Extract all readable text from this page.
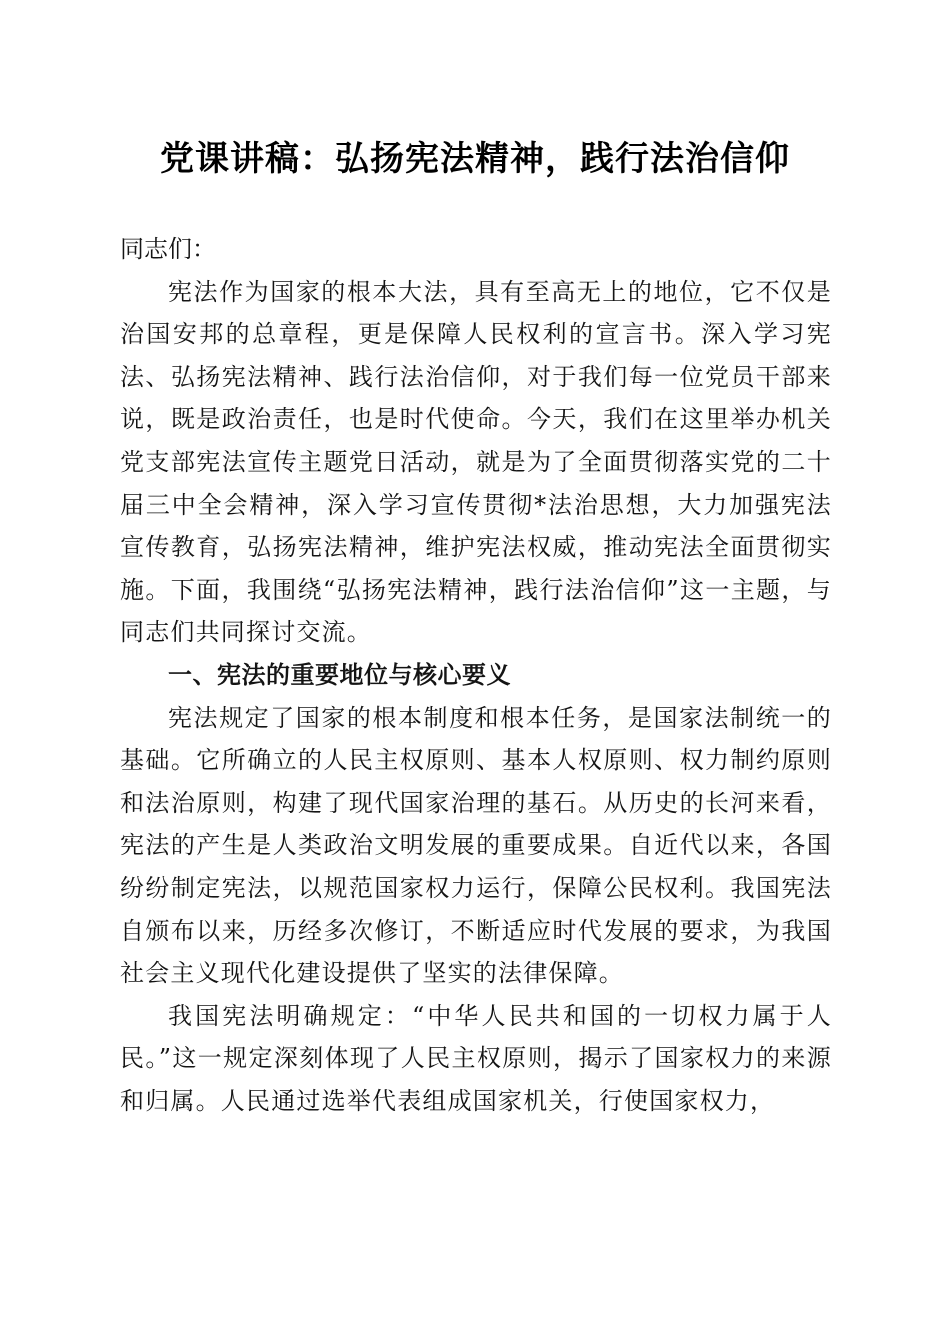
党课讲稿：弘扬宪法精神，践行法治信仰

同志们：

宪法作为国家的根本大法，具有至高无上的地位，它不仅是治国安邦的总章程，更是保障人民权利的宣言书。深入学习宪法、弘扬宪法精神、践行法治信仰，对于我们每一位党员干部来说，既是政治责任，也是时代使命。今天，我们在这里举办机关党支部宪法宣传主题党日活动，就是为了全面贯彻落实党的二十届三中全会精神，深入学习宣传贯彻*法治思想，大力加强宪法宣传教育，弘扬宪法精神，维护宪法权威，推动宪法全面贯彻实施。下面，我围绕“弘扬宪法精神，践行法治信仰”这一主题，与同志们共同探讨交流。

一、宪法的重要地位与核心要义

宪法规定了国家的根本制度和根本任务，是国家法制统一的基础。它所确立的人民主权原则、基本人权原则、权力制约原则和法治原则，构建了现代国家治理的基石。从历史的长河来看，宪法的产生是人类政治文明发展的重要成果。自近代以来，各国纷纷制定宪法，以规范国家权力运行，保障公民权利。我国宪法自颁布以来，历经多次修订，不断适应时代发展的要求，为我国社会主义现代化建设提供了坚实的法律保障。

我国宪法明确规定：“中华人民共和国的一切权力属于人民。”这一规定深刻体现了人民主权原则，揭示了国家权力的来源和归属。人民通过选举代表组成国家机关，行使国家权力，
